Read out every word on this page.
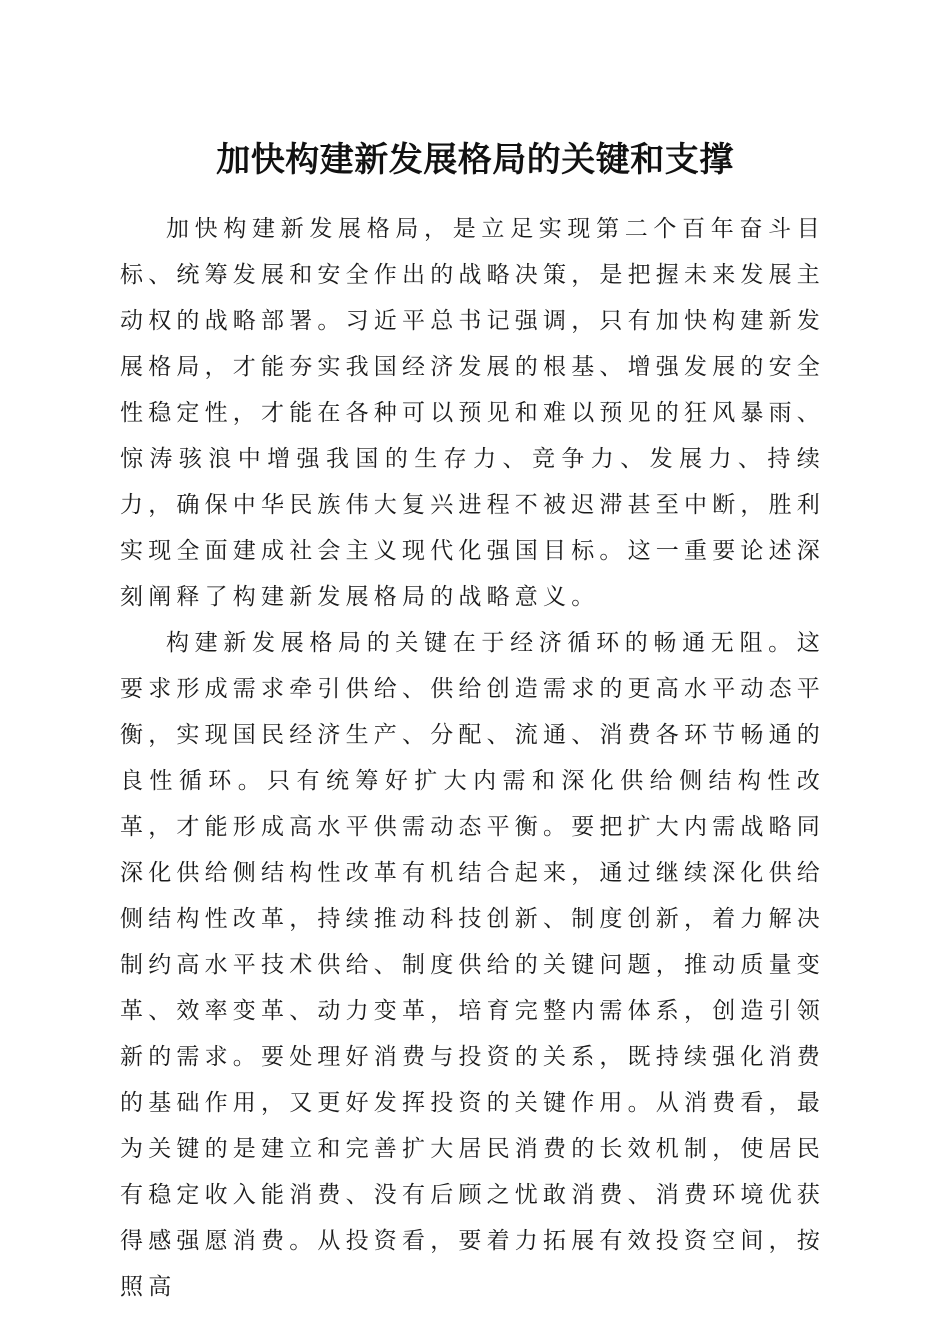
加快构建新发展格局的关键和支撑

加快构建新发展格局，是立足实现第二个百年奋斗目标、统筹发展和安全作出的战略决策，是把握未来发展主动权的战略部署。习近平总书记强调，只有加快构建新发展格局，才能夯实我国经济发展的根基、增强发展的安全性稳定性，才能在各种可以预见和难以预见的狂风暴雨、惊涛骇浪中增强我国的生存力、竞争力、发展力、持续力，确保中华民族伟大复兴进程不被迟滞甚至中断，胜利实现全面建成社会主义现代化强国目标。这一重要论述深刻阐释了构建新发展格局的战略意义。

构建新发展格局的关键在于经济循环的畅通无阻。这要求形成需求牵引供给、供给创造需求的更高水平动态平衡，实现国民经济生产、分配、流通、消费各环节畅通的良性循环。只有统筹好扩大内需和深化供给侧结构性改革，才能形成高水平供需动态平衡。要把扩大内需战略同深化供给侧结构性改革有机结合起来，通过继续深化供给侧结构性改革，持续推动科技创新、制度创新，着力解决制约高水平技术供给、制度供给的关键问题，推动质量变革、效率变革、动力变革，培育完整内需体系，创造引领新的需求。要处理好消费与投资的关系，既持续强化消费的基础作用，又更好发挥投资的关键作用。从消费看，最为关键的是建立和完善扩大居民消费的长效机制，使居民有稳定收入能消费、没有后顾之忧敢消费、消费环境优获得感强愿消费。从投资看，要着力拓展有效投资空间，按照高
